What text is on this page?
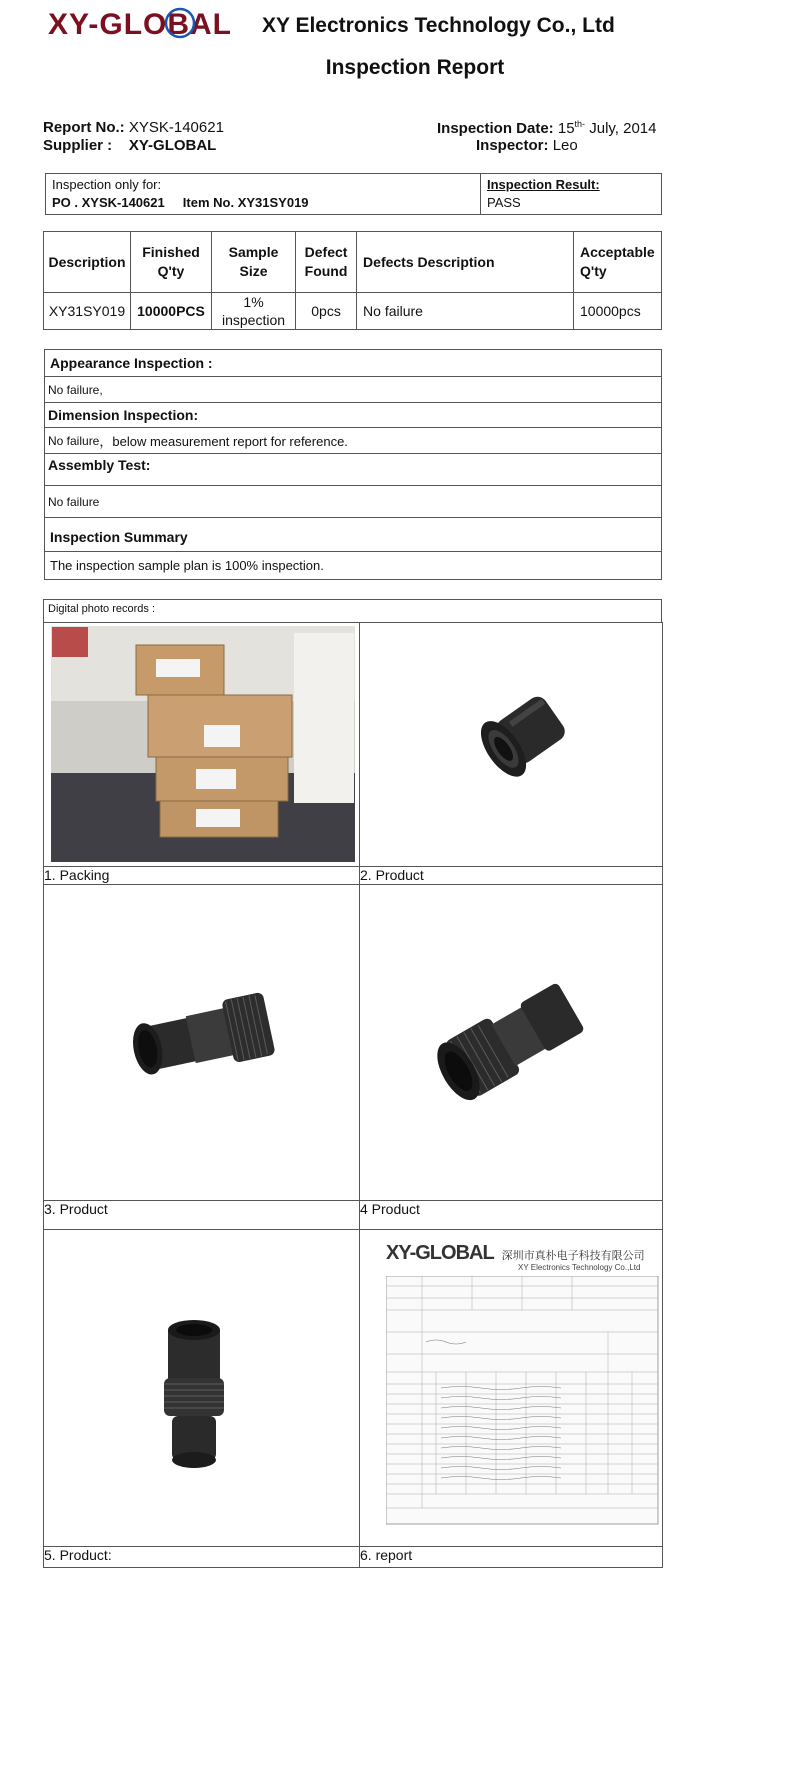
XY-GLOBAL XY Electronics Technology Co., Ltd
Inspection Report
Report No.: XYSK-140621
Supplier : XY-GLOBAL
Inspection Date: $15^{th-}$ July, 2014
Inspector: Leo
Inspection only for:
PO . XYSK-140621 Item No. XY31SY019

Inspection Result:
PASS
Description	Finished Q'ty	Sample Size	Defect Found	Defects Description	Acceptable Q'ty
XY31SY019	10000PCS	1% inspection	0pcs	No failure	10000pcs
Appearance Inspection :
No failure,
Dimension Inspection:
No failure ，below measurement report for reference.
Assembly Test:
No failure
Inspection Summary
The inspection sample plan is 100% inspection.
Digital photo records :

1. Packing	2. Product

3. Product	4 Product

XY-GLOBAL 深圳市真朴电子科技有限公司
XY Electronics Technology Co.,Ltd

5. Product:	6. report
